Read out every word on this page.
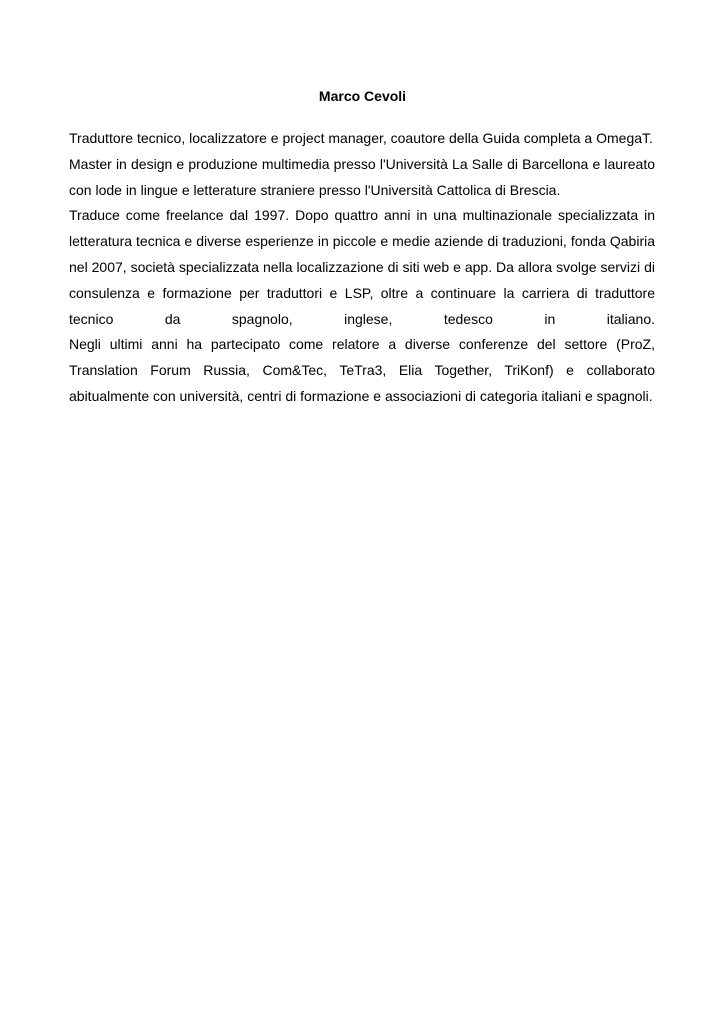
Marco Cevoli

Traduttore tecnico, localizzatore e project manager, coautore della Guida completa a OmegaT.

Master in design e produzione multimedia presso l'Università La Salle di Barcellona e laureato con lode in lingue e letterature straniere presso l'Università Cattolica di Brescia.

Traduce come freelance dal 1997. Dopo quattro anni in una multinazionale specializzata in letteratura tecnica e diverse esperienze in piccole e medie aziende di traduzioni, fonda Qabiria nel 2007, società specializzata nella localizzazione di siti web e app. Da allora svolge servizi di consulenza e formazione per traduttori e LSP, oltre a continuare la carriera di traduttore tecnico da spagnolo, inglese, tedesco in italiano.

Negli ultimi anni ha partecipato come relatore a diverse conferenze del settore (ProZ, Translation Forum Russia, Com&Tec, TeTra3, Elia Together, TriKonf) e collaborato abitualmente con università, centri di formazione e associazioni di categoria italiani e spagnoli.
